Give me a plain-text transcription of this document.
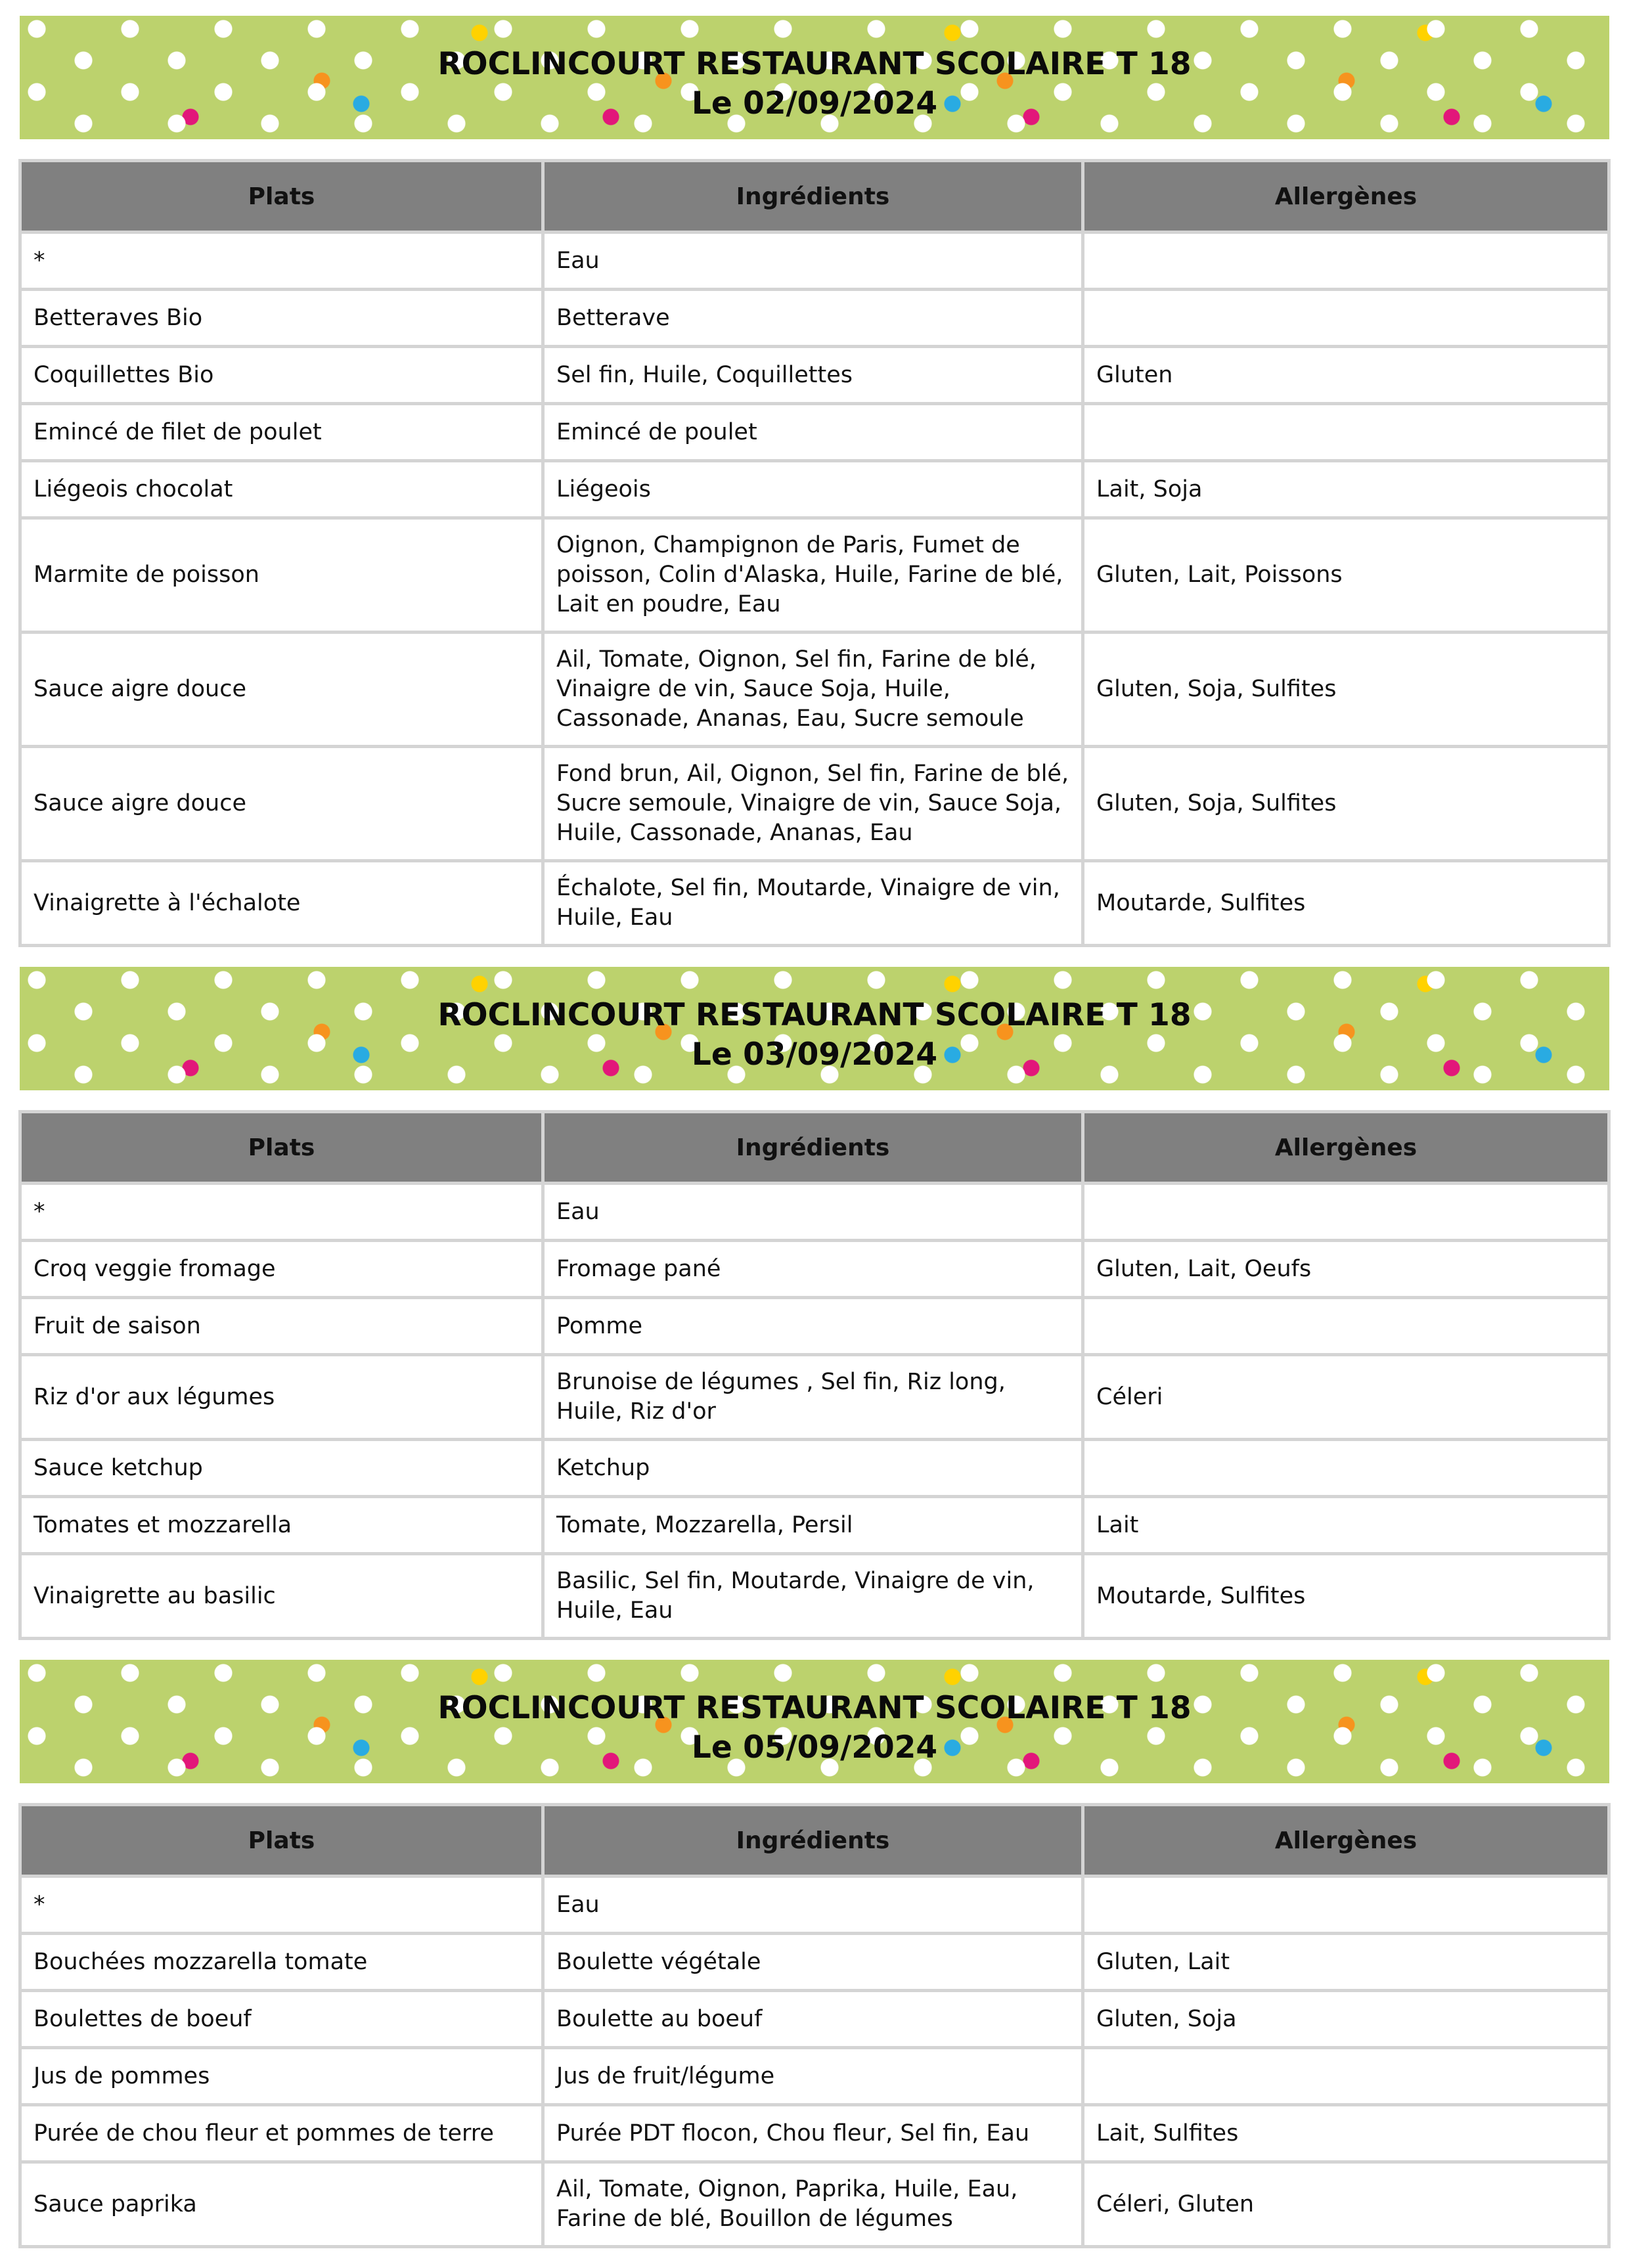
ROCLINCOURT RESTAURANT SCOLAIRE T 18
Le 02/09/2024
Plats	Ingrédients	Allergènes
*	Eau	
Betteraves Bio	Betterave	
Coquillettes Bio	Sel fin, Huile, Coquillettes	Gluten
Emincé de filet de poulet	Emincé de poulet	
Liégeois chocolat	Liégeois	Lait, Soja
Marmite de poisson	Oignon, Champignon de Paris, Fumet de poisson, Colin d'Alaska, Huile, Farine de blé, Lait en poudre, Eau	Gluten, Lait, Poissons
Sauce aigre douce	Ail, Tomate, Oignon, Sel fin, Farine de blé, Vinaigre de vin, Sauce Soja, Huile, Cassonade, Ananas, Eau, Sucre semoule	Gluten, Soja, Sulfites
Sauce aigre douce	Fond brun, Ail, Oignon, Sel fin, Farine de blé, Sucre semoule, Vinaigre de vin, Sauce Soja, Huile, Cassonade, Ananas, Eau	Gluten, Soja, Sulfites
Vinaigrette à l'échalote	Échalote, Sel fin, Moutarde, Vinaigre de vin, Huile, Eau	Moutarde, Sulfites
ROCLINCOURT RESTAURANT SCOLAIRE T 18
Le 03/09/2024
Plats	Ingrédients	Allergènes
*	Eau	
Croq veggie fromage	Fromage pané	Gluten, Lait, Oeufs
Fruit de saison	Pomme	
Riz d'or aux légumes	Brunoise de légumes , Sel fin, Riz long, Huile, Riz d'or	Céleri
Sauce ketchup	Ketchup	
Tomates et mozzarella	Tomate, Mozzarella, Persil	Lait
Vinaigrette au basilic	Basilic, Sel fin, Moutarde, Vinaigre de vin, Huile, Eau	Moutarde, Sulfites
ROCLINCOURT RESTAURANT SCOLAIRE T 18
Le 05/09/2024
Plats	Ingrédients	Allergènes
*	Eau	
Bouchées mozzarella tomate	Boulette végétale	Gluten, Lait
Boulettes de boeuf	Boulette au boeuf	Gluten, Soja
Jus de pommes	Jus de fruit/légume	
Purée de chou fleur et pommes de terre	Purée PDT flocon, Chou fleur, Sel fin, Eau	Lait, Sulfites
Sauce paprika	Ail, Tomate, Oignon, Paprika, Huile, Eau, Farine de blé, Bouillon de légumes	Céleri, Gluten
